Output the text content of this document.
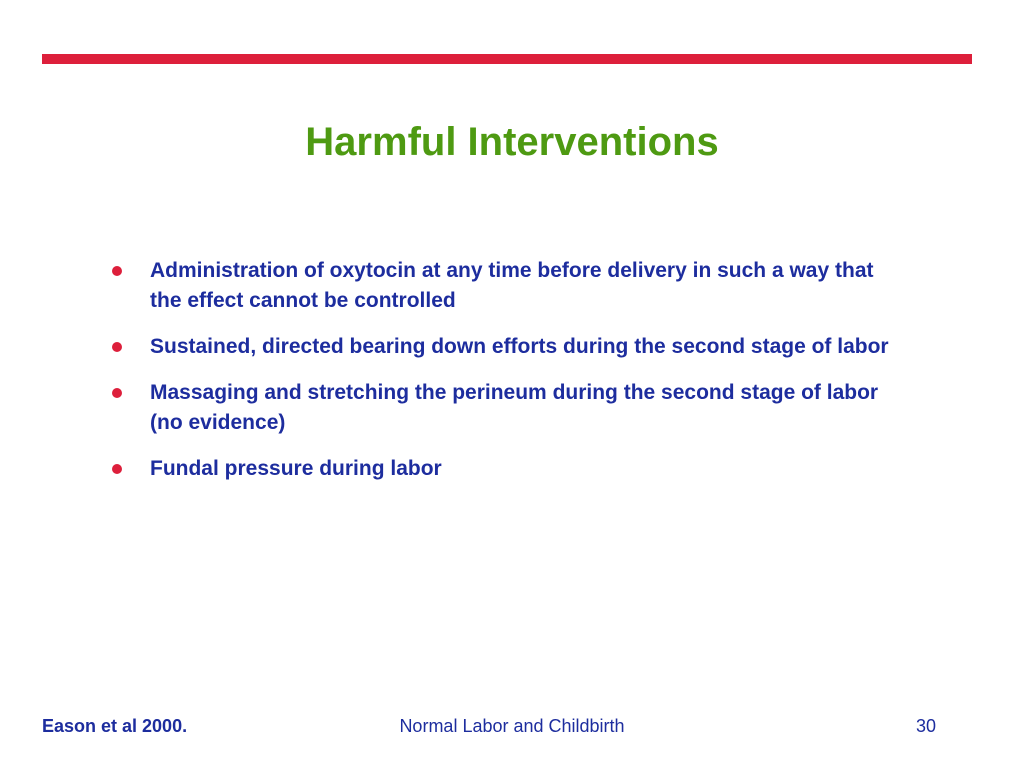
Harmful Interventions
Administration of oxytocin at any time before delivery in such a way that the effect cannot be controlled
Sustained, directed bearing down efforts during the second stage of labor
Massaging and stretching the perineum during the second stage of labor (no evidence)
Fundal pressure during labor
Eason et al 2000.	Normal Labor and Childbirth	30
